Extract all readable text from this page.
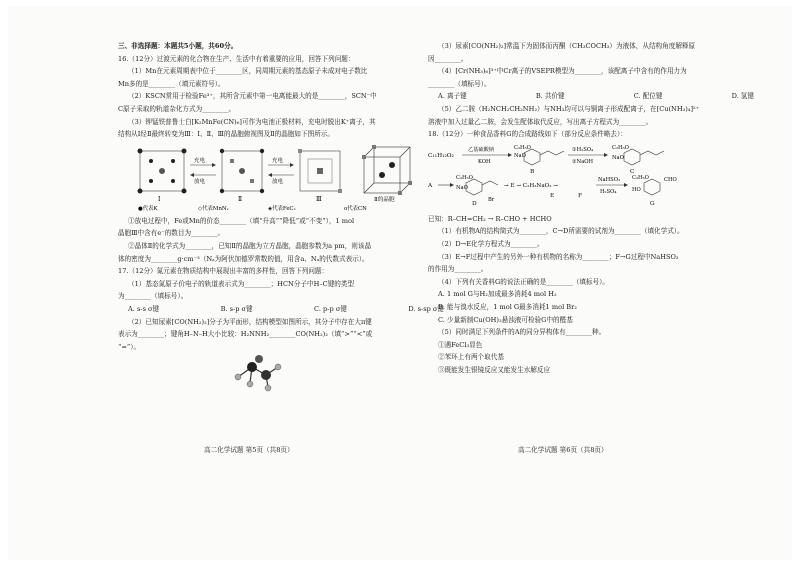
三、非选择题：本题共5小题，共60分。
16.（12分）过渡元素的化合物在生产、生活中有着重要的应用，回答下列问题：
（1）Mn在元素周期表中位于________区，同周期元素的基态原子未成对电子数比
Mn多的是________（填元素符号）。
（2）KSCN常用于检验Fe³⁺，其所含元素中第一电离能最大的是________，SCN⁻中
C原子采取的轨道杂化方式为________。
（3）钾锰铁普鲁士白[K₂MnFe(CN)₆]可作为电池正极材料，充电时脱出K⁺离子，其
结构从Ⅰ经Ⅱ最终转变为Ⅲ：Ⅰ、Ⅱ、Ⅲ的晶胞俯视图及Ⅱ的晶胞如下图所示。
充电
放电
充电
放电
Ⅰ	Ⅱ	Ⅲ	Ⅱ的晶胞
●代表K	◇代表MnNₓ	◈代表FeCₓ	o代表CN
①放电过程中，Fe或Mn的价态________（填“升高”“降低”或“不变”），1 mol
晶胞Ⅲ中含有e⁻的数目为________。
②晶体Ⅱ的化学式为________，已知Ⅱ的晶胞为立方晶胞，晶胞参数为a pm，则该晶
体的密度为________g·cm⁻³（Nₐ为阿伏加德罗常数的值，用含a、Nₐ的代数式表示）。
17.（12分）氮元素在物质结构中展现出丰富的多样性，回答下列问题：
（1）基态氮原子价电子的轨道表示式为________；HCN分子中H–C键的类型
为________（填标号）。
A. s-s σ键	B. s-p σ键	C. p-p σ键	D. s-sp σ键
（2）已知尿素[CO(NH₂)₂]分子为平面形，结构模型如图所示，其分子中存在大π键
表示为________；键角H–N–H大小比较：H₂NNH₂________CO(NH₂)₂（填“>”“<”或
“=”）。
高二化学试题 第5页（共8页）
（3）尿素[CO(NH₂)₂]常温下为固体而丙酮（CH₃COCH₃）为液体，从结构角度解释原
因________。
（4）[Cr(NH₃)₆]³⁺中Cr离子的VSEPR模型为________，该配离子中含有的作用力为
________（填标号）。
A. 离子键	B. 共价键	C. 配位键	D. 氢键
（5）乙二胺（H₂NCH₂CH₂NH₂）与NH₃均可以与铜离子形成配离子，在[Cu(NH₃)₄]²⁺
溶液中加入过量乙二胺，会发生配体取代反应，写出离子方程式为________。
18.（12分）一种食品香料G的合成路线如下（部分反应条件略去）：
C₁₁H₁₂O₂
乙基硫酸钠
KOH
C₂H₅O
NaO
B
①H₂SO₄
②NaOH
C₂H₅O
NaO
C
A
C₂H₅O
NaO
Br
D
→ E → C₂H₃NaO₃ →
E	F
NaHSO₃
H₂SO₄
C₂H₅O	CHO
HO
G
已知：R–CH=CH₂ → R–CHO + HCHO
（1）有机物A的结构简式为________，C→D所需要的试剂为________（填化学式）。
（2）D→E化学方程式为________。
（3）E→F过程中产生的另外一种有机物的名称为________；F→G过程中NaHSO₃
的作用为________。
（4）下列有关香料G的说法正确的是________（填标号）。
A. 1 mol G与H₂加成最多消耗4 mol H₂
B. 能与溴水反应，1 mol G最多消耗1 mol Br₂
C. 少量新制Cu(OH)₂悬浊液可检验G中的醛基
（5）同时满足下列条件的A的同分异构体有________种。
①遇FeCl₃显色
②苯环上有两个取代基
③既能发生银镜反应又能发生水解反应
高二化学试题 第6页（共8页）
